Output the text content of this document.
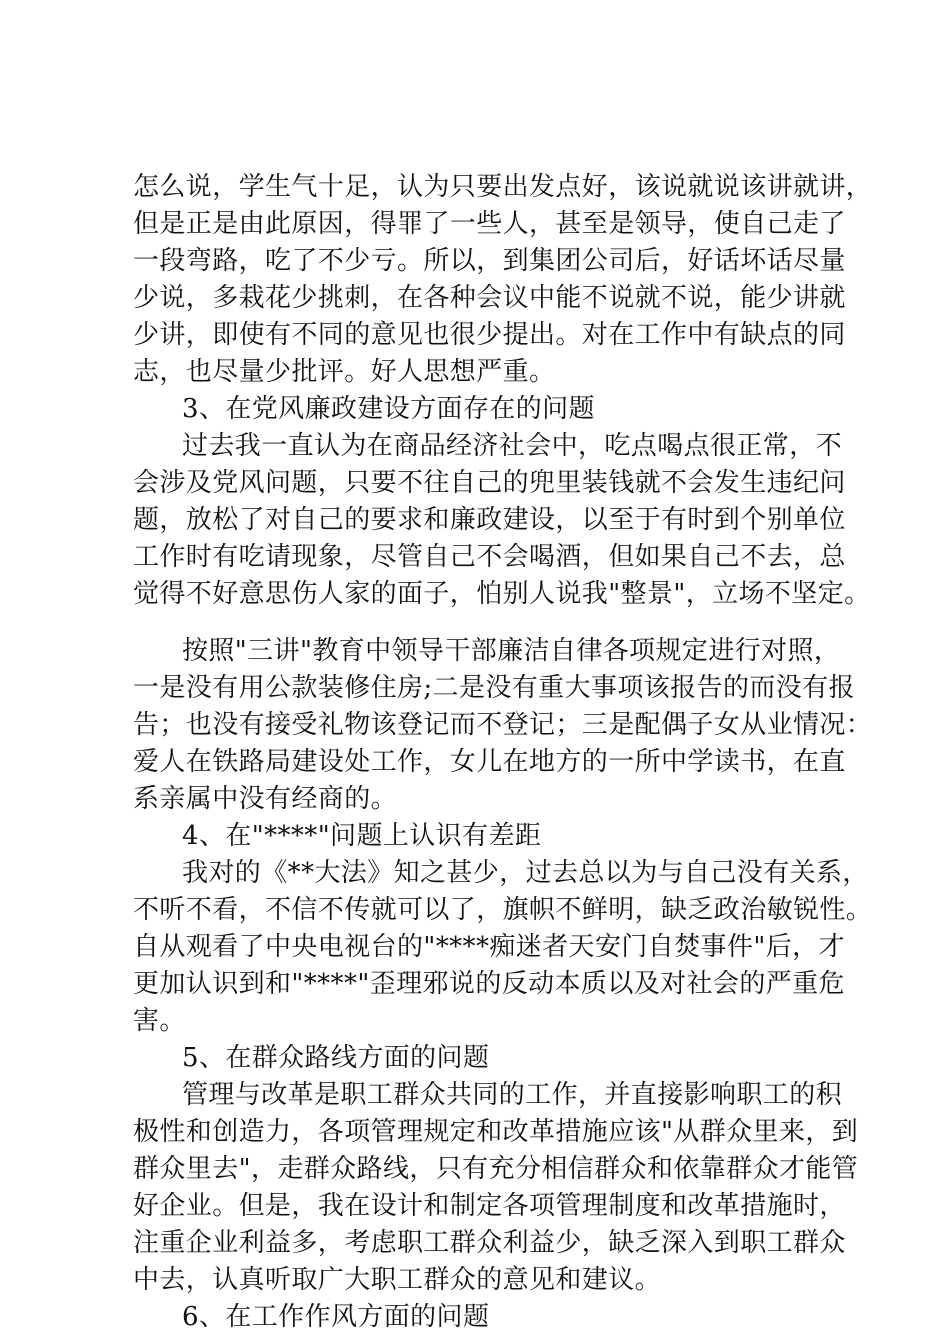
怎么说，学生气十足，认为只要出发点好，该说就说该讲就讲，
但是正是由此原因，得罪了一些人，甚至是领导，使自己走了
一段弯路，吃了不少亏。所以，到集团公司后，好话坏话尽量
少说，多栽花少挑刺，在各种会议中能不说就不说，能少讲就
少讲，即使有不同的意见也很少提出。对在工作中有缺点的同
志，也尽量少批评。好人思想严重。
3、在党风廉政建设方面存在的问题
过去我一直认为在商品经济社会中，吃点喝点很正常，不
会涉及党风问题，只要不往自己的兜里装钱就不会发生违纪问
题，放松了对自己的要求和廉政建设，以至于有时到个别单位
工作时有吃请现象，尽管自己不会喝酒，但如果自己不去，总
觉得不好意思伤人家的面子，怕别人说我"整景"，立场不坚定。
按照"三讲"教育中领导干部廉洁自律各项规定进行对照，
一是没有用公款装修住房;二是没有重大事项该报告的而没有报
告；也没有接受礼物该登记而不登记；三是配偶子女从业情况：
爱人在铁路局建设处工作，女儿在地方的一所中学读书，在直
系亲属中没有经商的。
4、在"****"问题上认识有差距
我对的《**大法》知之甚少，过去总以为与自己没有关系，
不听不看，不信不传就可以了，旗帜不鲜明，缺乏政治敏锐性。
自从观看了中央电视台的"****痴迷者天安门自焚事件"后，才
更加认识到和"****"歪理邪说的反动本质以及对社会的严重危
害。
5、在群众路线方面的问题
管理与改革是职工群众共同的工作，并直接影响职工的积
极性和创造力，各项管理规定和改革措施应该"从群众里来，到
群众里去"，走群众路线，只有充分相信群众和依靠群众才能管
好企业。但是，我在设计和制定各项管理制度和改革措施时，
注重企业利益多，考虑职工群众利益少，缺乏深入到职工群众
中去，认真听取广大职工群众的意见和建议。
6、在工作作风方面的问题
